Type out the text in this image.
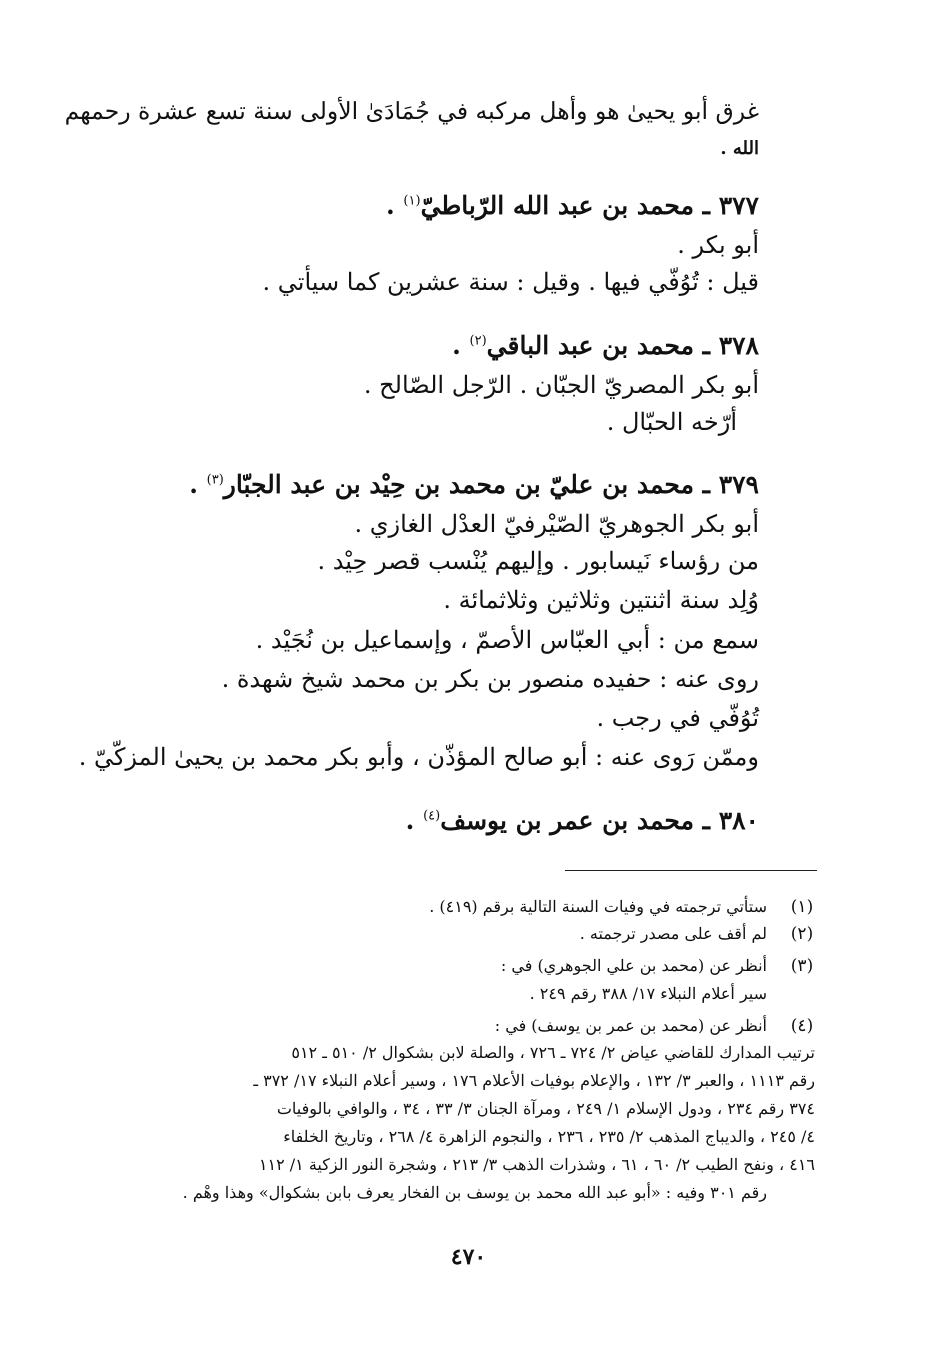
غرق أبو يحيىٰ هو وأهل مركبه في جُمَادَىٰ الأولى سنة تسع عشرة رحمهم
الله .
٣٧٧ ـ محمد بن عبد الله الرّباطيّ$^{(١)}$ .
أبو بكر .
قيل : تُوُفّي فيها . وقيل : سنة عشرين كما سيأتي .
٣٧٨ ـ محمد بن عبد الباقي$^{(٢)}$ .
أبو بكر المصريّ الجبّان . الرّجل الصّالح .
أرّخه الحبّال .
٣٧٩ ـ محمد بن عليّ بن محمد بن حِيْد بن عبد الجبّار$^{(٣)}$ .
أبو بكر الجوهريّ الصّيْرفيّ العدْل الغازي .
من رؤساء نَيسابور . وإليهم يُنْسب قصر حِيْد .
وُلِد سنة اثنتين وثلاثين وثلاثمائة .
سمع من : أبي العبّاس الأصمّ ، وإسماعيل بن نُجَيْد .
روى عنه : حفيده منصور بن بكر بن محمد شيخ شهدة .
تُوُفّي في رجب .
وممّن رَوى عنه : أبو صالح المؤذّن ، وأبو بكر محمد بن يحيىٰ المزكّيّ .
٣٨٠ ـ محمد بن عمر بن يوسف$^{(٤)}$ .
(١)
ستأتي ترجمته في وفيات السنة التالية برقم (٤١٩) .
(٢)
لم أقف على مصدر ترجمته .
(٣)
أنظر عن (محمد بن علي الجوهري) في :
سير أعلام النبلاء ١٧/ ٣٨٨ رقم ٢٤٩ .
(٤)
أنظر عن (محمد بن عمر بن يوسف) في :
ترتيب المدارك للقاضي عياض ٢/ ٧٢٤ ـ ٧٢٦ ، والصلة لابن بشكوال ٢/ ٥١٠ ـ ٥١٢
رقم ١١١٣ ، والعبر ٣/ ١٣٢ ، والإعلام بوفيات الأعلام ١٧٦ ، وسير أعلام النبلاء ١٧/ ٣٧٢ ـ
٣٧٤ رقم ٢٣٤ ، ودول الإسلام ١/ ٢٤٩ ، ومرآة الجنان ٣/ ٣٣ ، ٣٤ ، والوافي بالوفيات
٤/ ٢٤٥ ، والديباج المذهب ٢/ ٢٣٥ ، ٢٣٦ ، والنجوم الزاهرة ٤/ ٢٦٨ ، وتاريخ الخلفاء
٤١٦ ، ونفح الطيب ٢/ ٦٠ ، ٦١ ، وشذرات الذهب ٣/ ٢١٣ ، وشجرة النور الزكية ١/ ١١٢
رقم ٣٠١ وفيه : «أبو عبد الله محمد بن يوسف بن الفخار يعرف بابن بشكوال» وهذا وهْم .
٤٧٠
